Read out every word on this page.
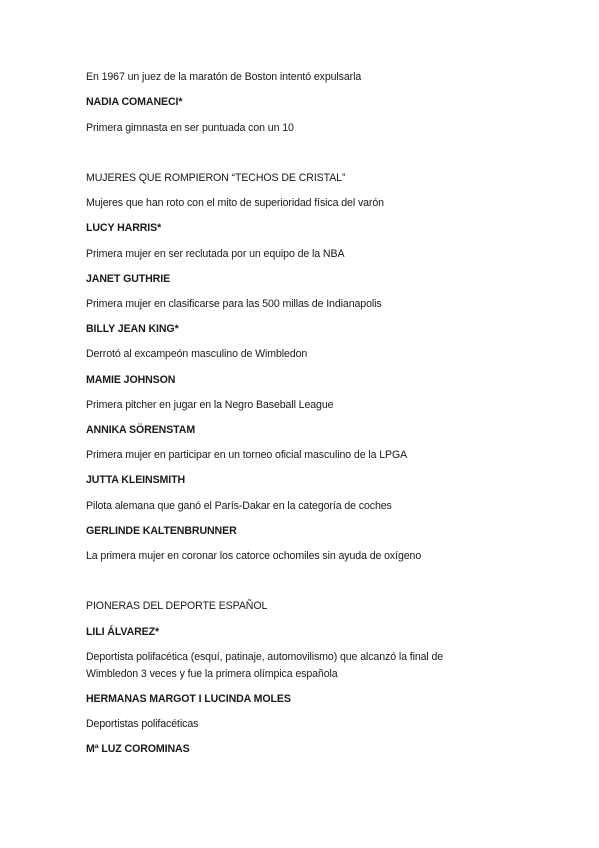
En 1967 un juez de la maratón de Boston intentó expulsarla
NADIA COMANECI*
Primera gimnasta en ser puntuada con un 10
MUJERES QUE ROMPIERON “TECHOS DE CRISTAL”
Mujeres que han roto con el mito de superioridad física del varón
LUCY HARRIS*
Primera mujer en ser reclutada por un equipo de la NBA
JANET GUTHRIE
Primera mujer en clasificarse para las 500 millas de Indianapolis
BILLY JEAN KING*
Derrotó al excampeón masculino de Wimbledon
MAMIE JOHNSON
Primera pitcher en jugar en la Negro Baseball League
ANNIKA SÖRENSTAM
Primera mujer en participar en un torneo oficial masculino de la LPGA
JUTTA KLEINSMITH
Pilota alemana que ganó el París-Dakar en la categoría de coches
GERLINDE KALTENBRUNNER
La primera mujer en coronar los catorce ochomiles sin ayuda de oxígeno
PIONERAS DEL DEPORTE ESPAÑOL
LILI ÁLVAREZ*
Deportista polifacética (esquí, patinaje, automovilismo) que alcanzó la final de
Wimbledon 3 veces y fue la primera olímpica española
HERMANAS MARGOT I LUCINDA MOLES
Deportistas polifacéticas
Mª LUZ COROMINAS
